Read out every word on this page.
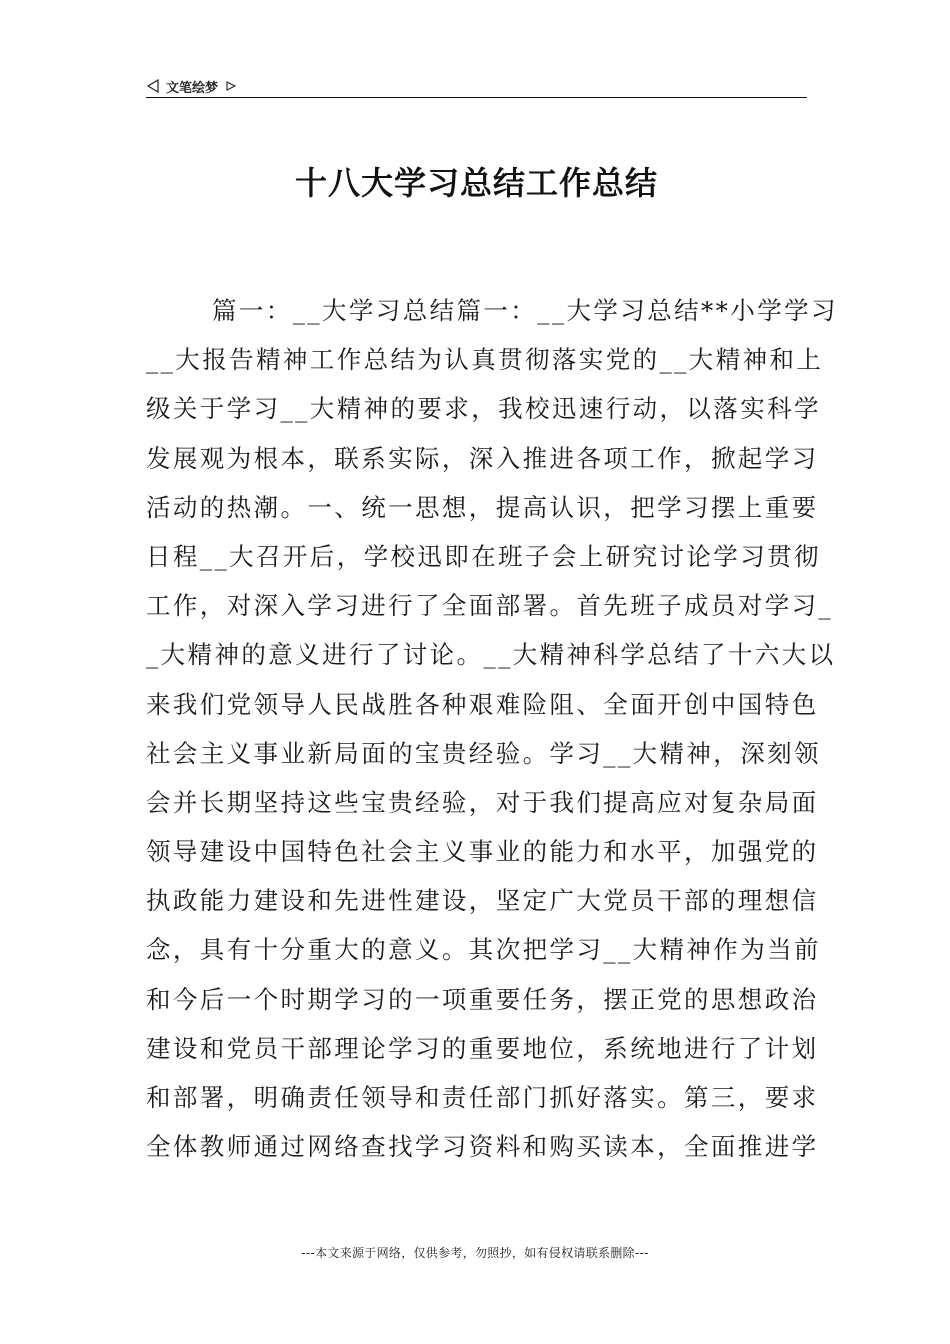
文笔绘梦
十八大学习总结工作总结
篇一：__大学习总结篇一：__大学习总结**小学学习
__大报告精神工作总结为认真贯彻落实党的__大精神和上
级关于学习__大精神的要求，我校迅速行动，以落实科学
发展观为根本，联系实际，深入推进各项工作，掀起学习
活动的热潮。一、统一思想，提高认识，把学习摆上重要
日程__大召开后，学校迅即在班子会上研究讨论学习贯彻
工作，对深入学习进行了全面部署。首先班子成员对学习_
_大精神的意义进行了讨论。__大精神科学总结了十六大以
来我们党领导人民战胜各种艰难险阻、全面开创中国特色
社会主义事业新局面的宝贵经验。学习__大精神，深刻领
会并长期坚持这些宝贵经验，对于我们提高应对复杂局面
领导建设中国特色社会主义事业的能力和水平，加强党的
执政能力建设和先进性建设，坚定广大党员干部的理想信
念，具有十分重大的意义。其次把学习__大精神作为当前
和今后一个时期学习的一项重要任务，摆正党的思想政治
建设和党员干部理论学习的重要地位，系统地进行了计划
和部署，明确责任领导和责任部门抓好落实。第三，要求
全体教师通过网络查找学习资料和购买读本，全面推进学
---本文来源于网络，仅供参考，勿照抄，如有侵权请联系删除---
